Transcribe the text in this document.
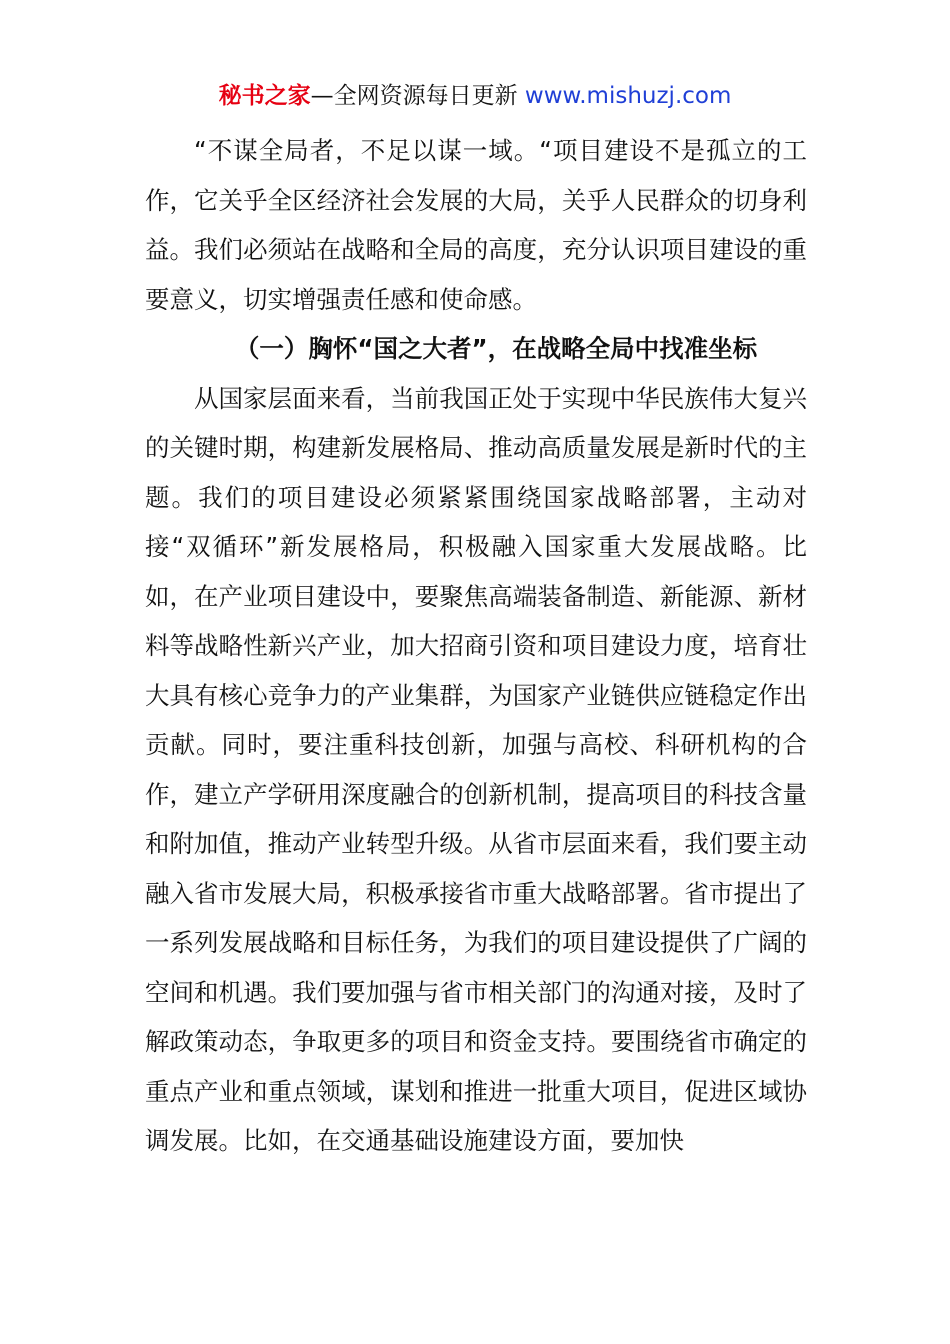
秘书之家—全网资源每日更新 www.mishuzj.com

“不谋全局者，不足以谋一域。“项目建设不是孤立的工作，它关乎全区经济社会发展的大局，关乎人民群众的切身利益。我们必须站在战略和全局的高度，充分认识项目建设的重要意义，切实增强责任感和使命感。

（一）胸怀“国之大者”，在战略全局中找准坐标

从国家层面来看，当前我国正处于实现中华民族伟大复兴的关键时期，构建新发展格局、推动高质量发展是新时代的主题。我们的项目建设必须紧紧围绕国家战略部署，主动对接“双循环”新发展格局，积极融入国家重大发展战略。比如，在产业项目建设中，要聚焦高端装备制造、新能源、新材料等战略性新兴产业，加大招商引资和项目建设力度，培育壮大具有核心竞争力的产业集群，为国家产业链供应链稳定作出贡献。同时，要注重科技创新，加强与高校、科研机构的合作，建立产学研用深度融合的创新机制，提高项目的科技含量和附加值，推动产业转型升级。从省市层面来看，我们要主动融入省市发展大局，积极承接省市重大战略部署。省市提出了一系列发展战略和目标任务，为我们的项目建设提供了广阔的空间和机遇。我们要加强与省市相关部门的沟通对接，及时了解政策动态，争取更多的项目和资金支持。要围绕省市确定的重点产业和重点领域，谋划和推进一批重大项目，促进区域协调发展。比如，在交通基础设施建设方面，要加快
